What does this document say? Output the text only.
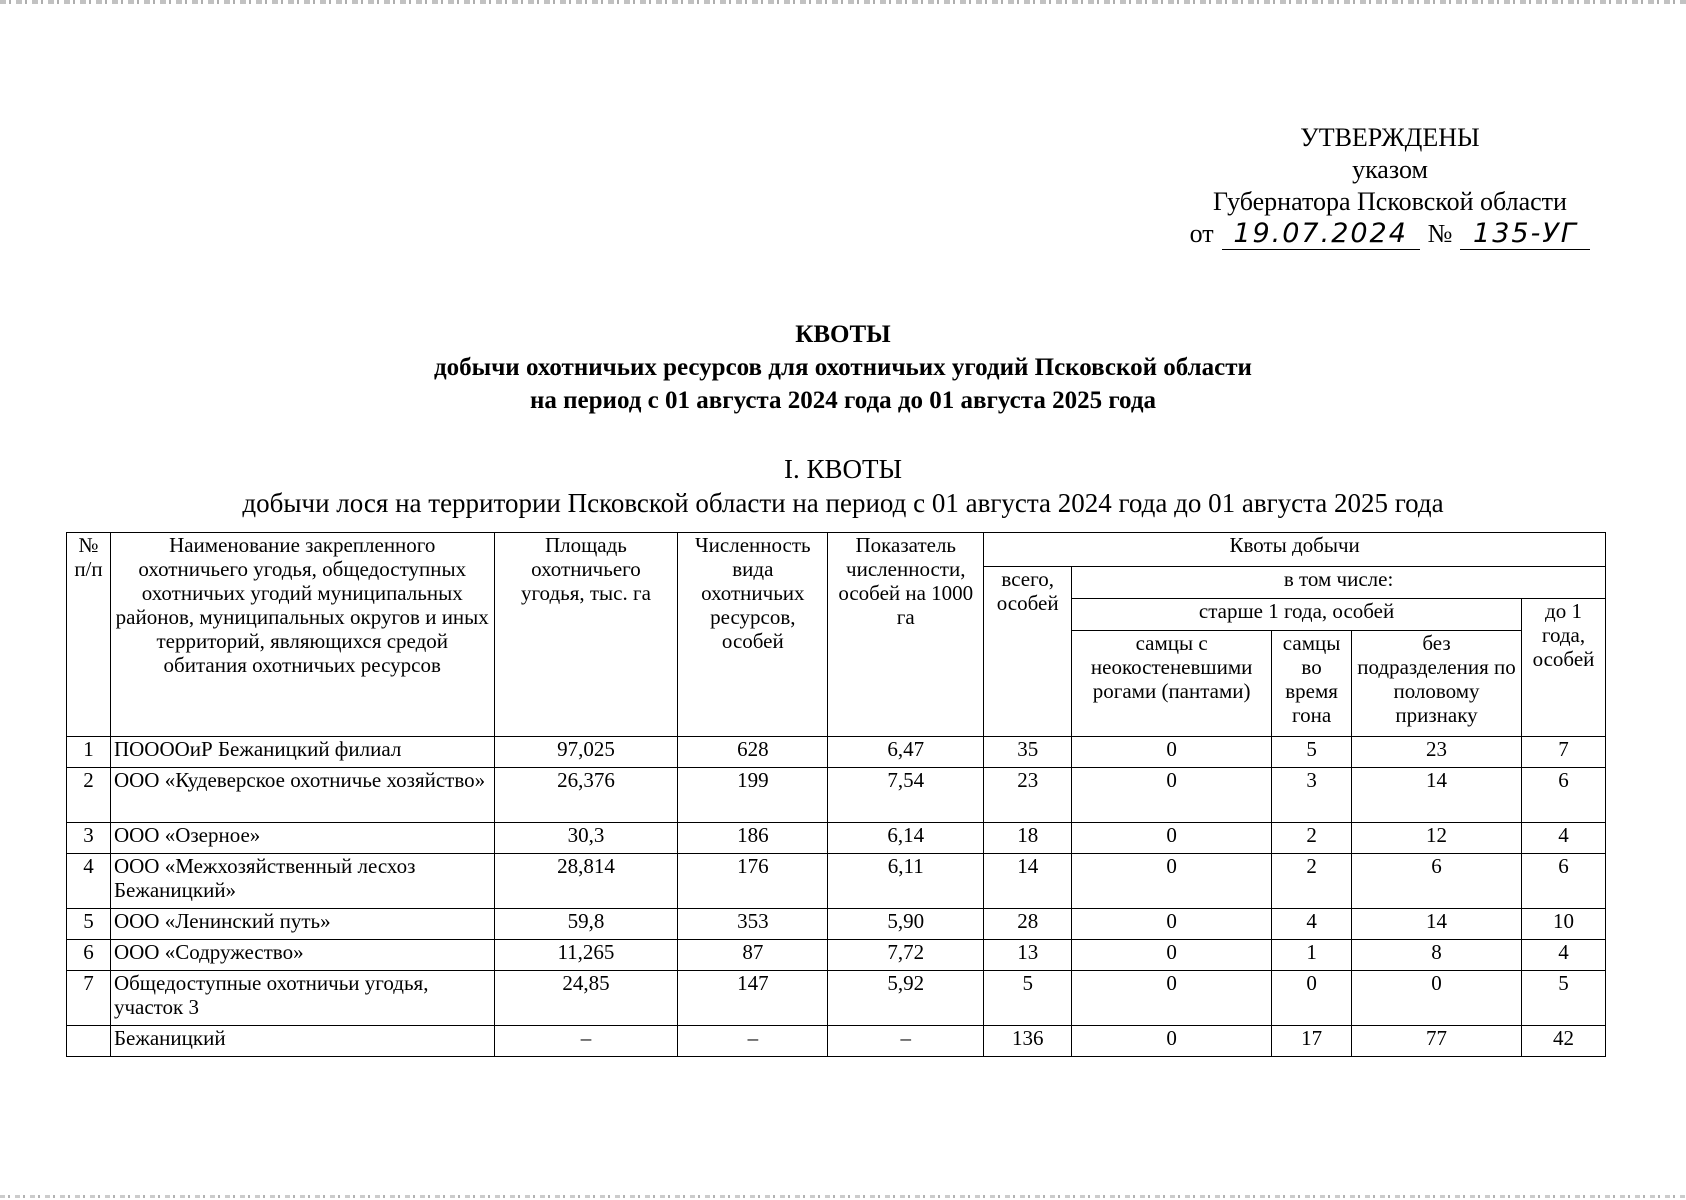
УТВЕРЖДЕНЫ
указом
Губернатора Псковской области
от 19.07.2024 № 135-УГ
КВОТЫ
добычи охотничьих ресурсов для охотничьих угодий Псковской области
на период с 01 августа 2024 года до 01 августа 2025 года
I. КВОТЫ
добычи лося на территории Псковской области на период с 01 августа 2024 года до 01 августа 2025 года
№ п/п	Наименование закрепленного охотничьего угодья, общедоступных охотничьих угодий муниципальных районов, муниципальных округов и иных территорий, являющихся средой обитания охотничьих ресурсов	Площадь охотничьего угодья, тыс. га	Численность вида охотничьих ресурсов, особей	Показатель численности, особей на 1000 га	Квоты добычи				
					всего, особей	в том числе:			
						старше 1 года, особей			до 1 года, особей
						самцы с неокостеневшими рогами (пантами)	самцы во время гона	без подразделения по половому признаку	
1	ПООООиР Бежаницкий филиал	97,025	628	6,47	35	0	5	23	7
2	ООО «Кудеверское охотничье хозяйство»	26,376	199	7,54	23	0	3	14	6
3	ООО «Озерное»	30,3	186	6,14	18	0	2	12	4
4	ООО «Межхозяйственный лесхоз Бежаницкий»	28,814	176	6,11	14	0	2	6	6
5	ООО «Ленинский путь»	59,8	353	5,90	28	0	4	14	10
6	ООО «Содружество»	11,265	87	7,72	13	0	1	8	4
7	Общедоступные охотничьи угодья, участок 3	24,85	147	5,92	5	0	0	0	5
	Бежаницкий	–	–	–	136	0	17	77	42
